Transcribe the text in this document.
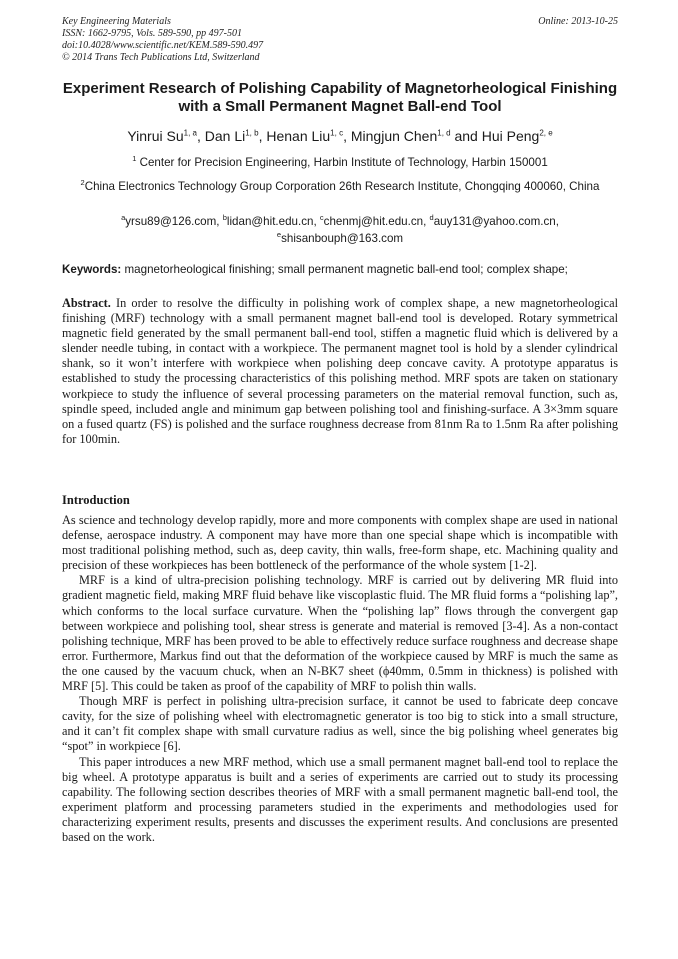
Key Engineering Materials	Online: 2013-10-25
ISSN: 1662-9795, Vols. 589-590, pp 497-501
doi:10.4028/www.scientific.net/KEM.589-590.497
© 2014 Trans Tech Publications Ltd, Switzerland
Experiment Research of Polishing Capability of Magnetorheological Finishing with a Small Permanent Magnet Ball-end Tool
Yinrui Su$^{1, a}$, Dan Li$^{1, b}$, Henan Liu$^{1, c}$, Mingjun Chen$^{1, d}$ and Hui Peng$^{2, e}$
$^1$ Center for Precision Engineering, Harbin Institute of Technology, Harbin 150001
$^2$China Electronics Technology Group Corporation 26th Research Institute, Chongqing 400060, China
$^a$yrsu89@126.com, $^b$lidan@hit.edu.cn, $^c$chenmj@hit.edu.cn, $^d$auy131@yahoo.com.cn,
$^e$shisanbouph@163.com
Keywords: magnetorheological finishing; small permanent magnetic ball-end tool; complex shape;
Abstract. In order to resolve the difficulty in polishing work of complex shape, a new magnetorheological finishing (MRF) technology with a small permanent magnet ball-end tool is developed. Rotary symmetrical magnetic field generated by the small permanent ball-end tool, stiffen a magnetic fluid which is delivered by a slender needle tubing, in contact with a workpiece. The permanent magnet tool is hold by a slender cylindrical shank, so it won’t interfere with workpiece when polishing deep concave cavity. A prototype apparatus is established to study the processing characteristics of this polishing method. MRF spots are taken on stationary workpiece to study the influence of several processing parameters on the material removal function, such as, spindle speed, included angle and minimum gap between polishing tool and finishing-surface. A 3×3mm square on a fused quartz (FS) is polished and the surface roughness decrease from 81nm Ra to 1.5nm Ra after polishing for 100min.
Introduction

As science and technology develop rapidly, more and more components with complex shape are used in national defense, aerospace industry. A component may have more than one special shape which is incompatible with most traditional polishing method, such as, deep cavity, thin walls, free-form shape, etc. Machining quality and precision of these workpieces has been bottleneck of the performance of the whole system [1-2].

MRF is a kind of ultra-precision polishing technology. MRF is carried out by delivering MR fluid into gradient magnetic field, making MRF fluid behave like viscoplastic fluid. The MR fluid forms a “polishing lap”, which conforms to the local surface curvature. When the “polishing lap” flows through the convergent gap between workpiece and polishing tool, shear stress is generate and material is removed [3-4]. As a non-contact polishing technique, MRF has been proved to be able to effectively reduce surface roughness and decrease shape error. Furthermore, Markus find out that the deformation of the workpiece caused by MRF is much the same as the one caused by the vacuum chuck, when an N-BK7 sheet (ϕ40mm, 0.5mm in thickness) is polished with MRF [5]. This could be taken as proof of the capability of MRF to polish thin walls.

Though MRF is perfect in polishing ultra-precision surface, it cannot be used to fabricate deep concave cavity, for the size of polishing wheel with electromagnetic generator is too big to stick into a small structure, and it can’t fit complex shape with small curvature radius as well, since the big polishing wheel generates big “spot” in workpiece [6].

This paper introduces a new MRF method, which use a small permanent magnet ball-end tool to replace the big wheel. A prototype apparatus is built and a series of experiments are carried out to study its processing capability. The following section describes theories of MRF with a small permanent magnetic ball-end tool, the experiment platform and processing parameters studied in the experiments and methodologies used for characterizing experiment results, presents and discusses the experiment results. And conclusions are presented based on the work.
